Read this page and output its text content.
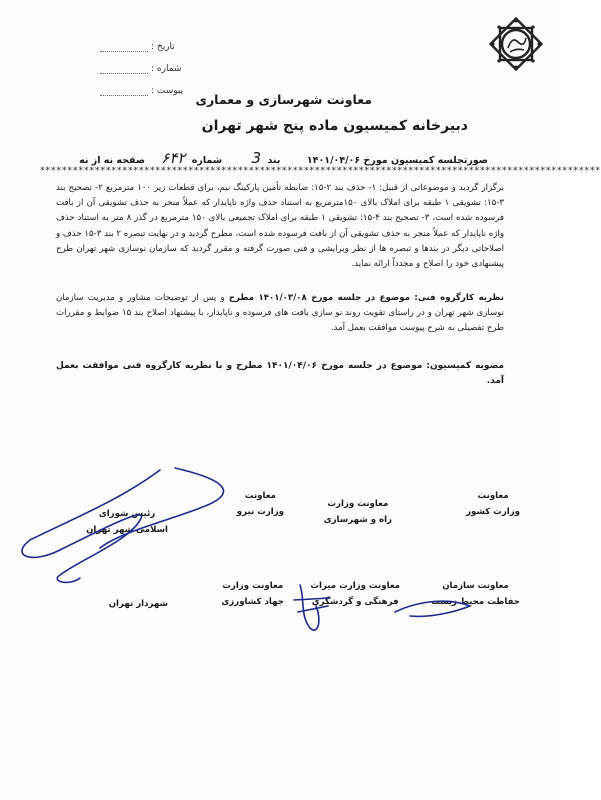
معاونت شهرسازی و معماری
دبیرخانه کمیسیون ماده پنج شهر تهران
تاریخ :
شماره :
پیوست :
صورتجلسه کمیسیون مورخ ۱۴۰۱/۰۴/۰۶        بند 3        شماره ۶۴۲    صفحه نه از نه
******************************************************************************************************
برگزار گردید و موضوعاتی از قبیل: ۱- حذف بند ۲-۱۵: ضابطه تأمین پارکینگ نیم، برای قطعات زیر ۱۰۰ مترمربع ۲- تصحیح بند ۳-۱۵: تشویقی ۱ طبقه برای املاک بالای ۱۵۰مترمربع به استناد حذف واژه ناپایدار که عملاً منجر به حذف تشویقی آن از بافت فرسوده شده است، ۳- تصحیح بند ۴-۱۵: تشویقی ۱ طبقه برای املاک تجمیعی بالای ۱۵۰ مترمربع در گذر ۸ متر به استناد حذف واژه ناپایدار که عملاً منجر به حذف تشویقی آن از بافت فرسوده شده است، مطرح گردید و در نهایت تبصره ۲ بند ۳-۱۵ حذف و اصلاحاتی دیگر در بندها و تبصره ها از نظر ویرایشی و فنی صورت گرفته و مقرر گردید که سازمان نوسازی شهر تهران طرح پیشنهادی خود را اصلاح و مجدداً ارائه نماید.
نظریه کارگروه فنی: موضوع در جلسه مورخ ۱۴۰۱/۰۳/۰۸ مطرح و پس از توضیحات مشاور و مدیریت سازمان نوسازی شهر تهران و در راستای تقویت روند نو سازی بافت های فرسوده و ناپایدار، با پیشنهاد اصلاح بند ۱۵ ضوابط و مقررات طرح تفصیلی به شرح پیوست موافقت بعمل آمد.
مصوبه کمیسیون: موضوع در جلسه مورخ ۱۴۰۱/۰۴/۰۶ مطرح و با نظریه کارگروه فنی موافقت بعمل آمد.
معاونت
وزارت کشور
معاونت وزارت
راه و شهرسازی
معاونت
وزارت نیرو
رئیس شورای
اسلامی شهر تهران
معاونت سازمان
حفاظت محیط زیست
معاونت وزارت میراث
فرهنگی و گردشگری
معاونت وزارت
جهاد کشاورزی
شهردار تهران
